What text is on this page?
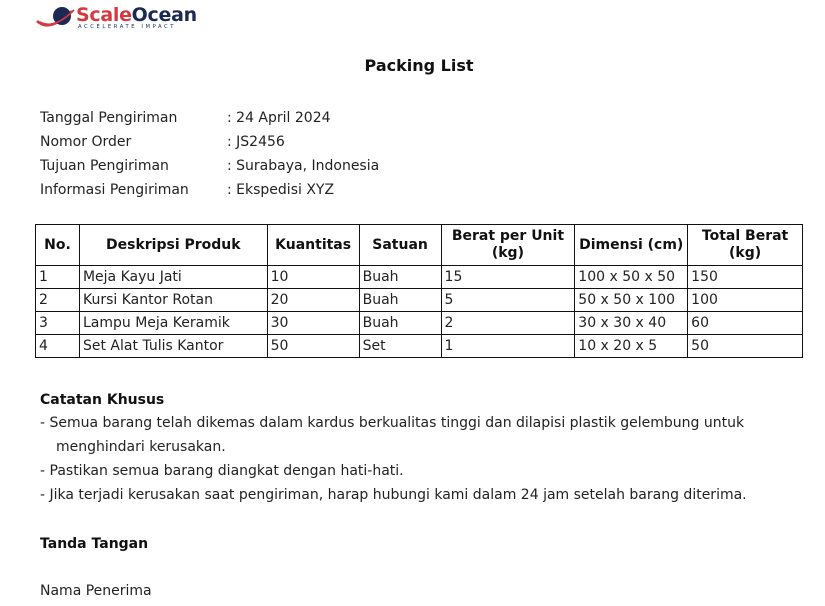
ScaleOcean
ACCELERATE IMPACT
Packing List
Tanggal Pengiriman	: 24 April 2024
Nomor Order	: JS2456
Tujuan Pengiriman	: Surabaya, Indonesia
Informasi Pengiriman	: Ekspedisi XYZ
No.	Deskripsi Produk	Kuantitas	Satuan	Berat per Unit (kg)	Dimensi (cm)	Total Berat (kg)
1	Meja Kayu Jati	10	Buah	15	100 x 50 x 50	150
2	Kursi Kantor Rotan	20	Buah	5	50 x 50 x 100	100
3	Lampu Meja Keramik	30	Buah	2	30 x 30 x 40	60
4	Set Alat Tulis Kantor	50	Set	1	10 x 20 x 5	50
Catatan Khusus
- Semua barang telah dikemas dalam kardus berkualitas tinggi dan dilapisi plastik gelembung untuk
menghindari kerusakan.
- Pastikan semua barang diangkat dengan hati-hati.
- Jika terjadi kerusakan saat pengiriman, harap hubungi kami dalam 24 jam setelah barang diterima.
Tanda Tangan
Nama Penerima
